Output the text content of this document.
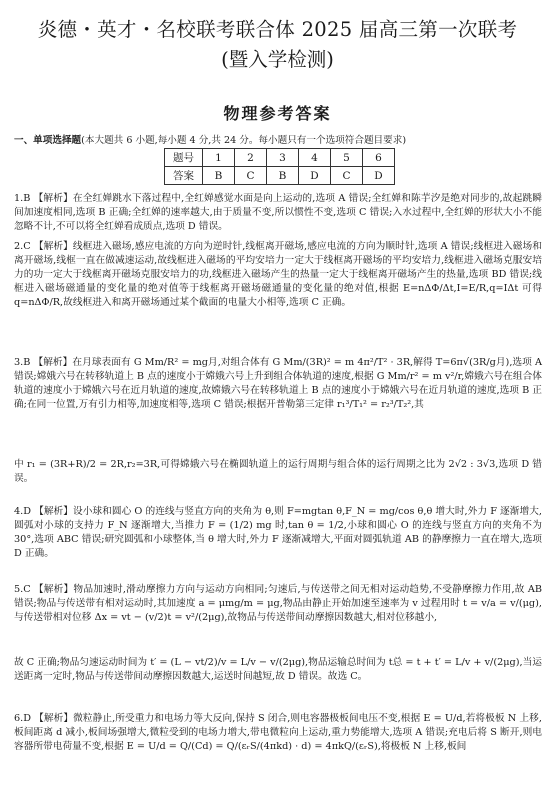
炎德・英才・名校联考联合体 2025 届高三第一次联考
(暨入学检测)
物理参考答案
一、单项选择题(本大题共 6 小题,每小题 4 分,共 24 分。每小题只有一个选项符合题目要求)
题号	1	2	3	4	5	6
答案	B	C	B	D	C	D
1.B 【解析】在全红婵跳水下落过程中,全红婵感觉水面是向上运动的,选项 A 错误;全红婵和陈芋汐是绝对同步的,故起跳瞬间加速度相同,选项 B 正确;全红婵的速率越大,由于质量不变,所以惯性不变,选项 C 错误;入水过程中,全红婵的形状大小不能忽略不计,不可以将全红婵看成质点,选项 D 错误。
2.C 【解析】线框进入磁场,感应电流的方向为逆时针,线框离开磁场,感应电流的方向为顺时针,选项 A 错误;线框进入磁场和离开磁场,线框一直在做减速运动,故线框进入磁场的平均安培力一定大于线框离开磁场的平均安培力,线框进入磁场克服安培力的功一定大于线框离开磁场克服安培力的功,线框进入磁场产生的热量一定大于线框离开磁场产生的热量,选项 BD 错误;线框进入磁场磁通量的变化量的绝对值等于线框离开磁场磁通量的变化量的绝对值,根据 E=nΔΦ/Δt,I=E/R,q=IΔt 可得 q=nΔΦ/R,故线框进入和离开磁场通过某个截面的电量大小相等,选项 C 正确。
3.B 【解析】在月球表面有 G Mm/R² = mg月,对组合体有 G Mm/(3R)² = m 4π²/T² · 3R,解得 T=6π√(3R/g月),选项 A 错误;嫦娥六号在转移轨道上 B 点的速度小于嫦娥六号上升到组合体轨道的速度,根据 G Mm/r² = m v²/r,嫦娥六号在组合体轨道的速度小于嫦娥六号在近月轨道的速度,故嫦娥六号在转移轨道上 B 点的速度小于嫦娥六号在近月轨道的速度,选项 B 正确;在同一位置,万有引力相等,加速度相等,选项 C 错误;根据开普勒第三定律 r₁³/T₁² = r₂³/T₂²,其
中 r₁ = (3R+R)/2 = 2R,r₂=3R,可得嫦娥六号在椭圆轨道上的运行周期与组合体的运行周期之比为 2√2 : 3√3,选项 D 错误。
4.D 【解析】设小球和圆心 O 的连线与竖直方向的夹角为 θ,则 F=mgtan θ,F_N = mg/cos θ,θ 增大时,外力 F 逐渐增大,圆弧对小球的支持力 F_N 逐渐增大,当推力 F = (1/2) mg 时,tan θ = 1/2,小球和圆心 O 的连线与竖直方向的夹角不为 30°,选项 ABC 错误;研究圆弧和小球整体,当 θ 增大时,外力 F 逐渐减增大,平面对圆弧轨道 AB 的静摩擦力一直在增大,选项 D 正确。
5.C 【解析】物品加速时,滑动摩擦力方向与运动方向相同;匀速后,与传送带之间无相对运动趋势,不受静摩擦力作用,故 AB 错误;物品与传送带有相对运动时,其加速度 a = μmg/m = μg,物品由静止开始加速至速率为 v 过程用时 t = v/a = v/(μg),与传送带相对位移 Δx = vt − (v/2)t = v²/(2μg),故物品与传送带间动摩擦因数越大,相对位移越小,
故 C 正确;物品匀速运动时间为 t′ = (L − vt/2)/v = L/v − v/(2μg),物品运输总时间为 t总 = t + t′ = L/v + v/(2μg),当运送距离一定时,物品与传送带间动摩擦因数越大,运送时间越短,故 D 错误。故选 C。
6.D 【解析】微粒静止,所受重力和电场力等大反向,保持 S 闭合,则电容器极板间电压不变,根据 E = U/d,若将极板 N 上移,板间距离 d 减小,板间场强增大,微粒受到的电场力增大,带电微粒向上运动,重力势能增大,选项 A 错误;充电后将 S 断开,则电容器所带电荷量不变,根据 E = U/d = Q/(Cd) = Q/(εᵣS/(4πkd) · d) = 4πkQ/(εᵣS),将极板 N 上移,板间
